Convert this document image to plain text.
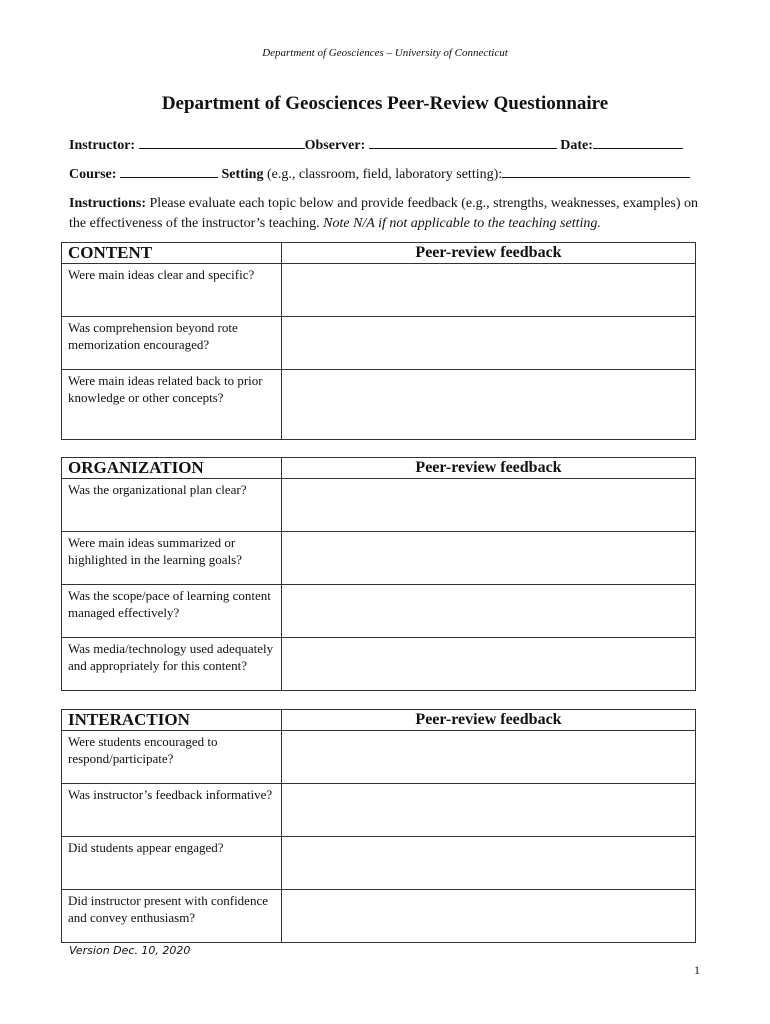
Department of Geosciences – University of Connecticut
Department of Geosciences Peer-Review Questionnaire
Instructor:	Observer:	Date:
Course:	Setting (e.g., classroom, field, laboratory setting):
Instructions: Please evaluate each topic below and provide feedback (e.g., strengths, weaknesses, examples) on the effectiveness of the instructor’s teaching. Note N/A if not applicable to the teaching setting.
CONTENT	Peer-review feedback
Were main ideas clear and specific?	
Was comprehension beyond rote memorization encouraged?	
Were main ideas related back to prior knowledge or other concepts?	
ORGANIZATION	Peer-review feedback
Was the organizational plan clear?	
Were main ideas summarized or highlighted in the learning goals?	
Was the scope/pace of learning content managed effectively?	
Was media/technology used adequately and appropriately for this content?	
INTERACTION	Peer-review feedback
Were students encouraged to respond/participate?	
Was instructor’s feedback informative?	
Did students appear engaged?	
Did instructor present with confidence and convey enthusiasm?	
Version Dec. 10, 2020
1
